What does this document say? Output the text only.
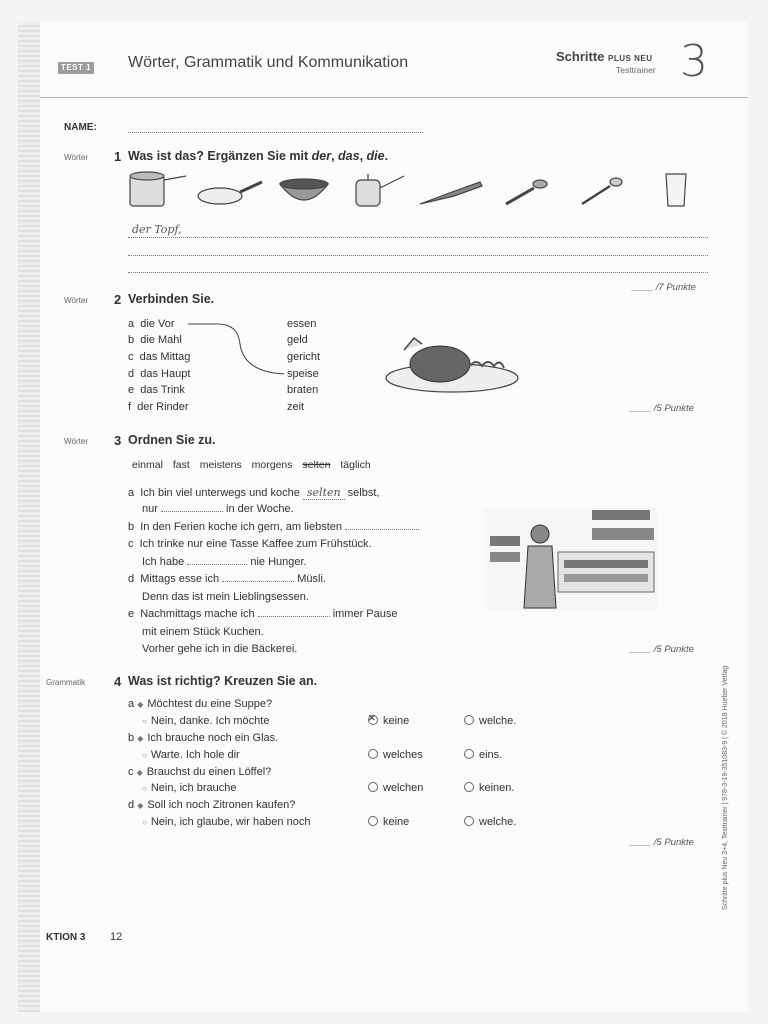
TEST 1 Wörter, Grammatik und Kommunikation	Schritte PLUS NEU
Testtrainer 3
NAME:
Wörter 1 Was ist das? Ergänzen Sie mit der, das, die.
der Topf,
____ /7 Punkte
Wörter 2 Verbinden Sie.
a die Vor
b die Mahl
c das Mittag
d das Haupt
e das Trink
f der Rinder
essen
geld
gericht
speise
braten
zeit	____ /5 Punkte
Wörter 3 Ordnen Sie zu.
einmal fast meistens morgens selten täglich
a  Ich bin viel unterwegs und koche selten selbst,
nur	in der Woche.
b  In den Ferien koche ich gern, am liebsten
c  Ich trinke nur eine Tasse Kaffee zum Frühstück.
Ich habe	nie Hunger.
d  Mittags esse ich	Müsli.
Denn das ist mein Lieblingsessen.
e  Nachmittags mache ich	immer Pause
mit einem Stück Kuchen.
Vorher gehe ich in die Bäckerei.	____ /5 Punkte
Grammatik 4 Was ist richtig? Kreuzen Sie an.
a ◆ Möchtest du eine Suppe?
○ Nein, danke. Ich möchte
×	keine	welche.
b ◆ Ich brauche noch ein Glas.
○ Warte. Ich hole dir	welches	eins.
c ◆ Brauchst du einen Löffel?
○ Nein, ich brauche	welchen	keinen.
d ◆ Soll ich noch Zitronen kaufen?
○ Nein, ich glaube, wir haben noch	keine	welche.
____ /5 Punkte
KTION 3 12
Schritte plus Neu 3+4, Testtrainer | 978-3-19-351083-9 | © 2018 Hueber Verlag
